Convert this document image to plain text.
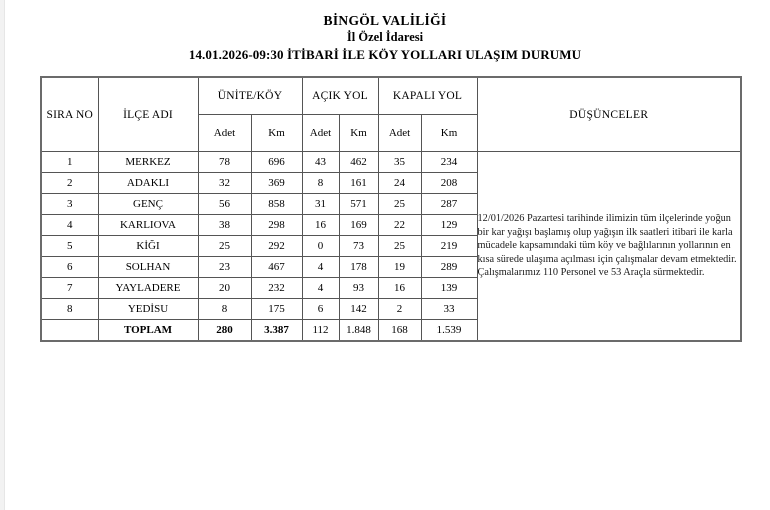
BİNGÖL VALİLİĞİ
İl Özel İdaresi
14.01.2026-09:30 İTİBARİ İLE KÖY YOLLARI ULAŞIM DURUMU
SIRA NO	İLÇE ADI	ÜNİTE/KÖY		AÇIK YOL		KAPALI YOL		DÜŞÜNCELER
		Adet	Km	Adet	Km	Adet	Km	
1	MERKEZ	78	696	43	462	35	234	12/01/2026 Pazartesi tarihinde ilimizin tüm ilçelerinde yoğun

bir kar yağışı başlamış olup yağışın ilk saatleri itibari ile karla

mücadele kapsamındaki tüm köy ve bağlılarının yollarının en

kısa sürede ulaşıma açılması için çalışmalar devam etmektedir.

Çalışmalarımız 110 Personel ve 53 Araçla sürmektedir.

2	ADAKLI	32	369	8	161	24	208	
3	GENÇ	56	858	31	571	25	287	
4	KARLIOVA	38	298	16	169	22	129	
5	KİĞI	25	292	0	73	25	219	
6	SOLHAN	23	467	4	178	19	289	
7	YAYLADERE	20	232	4	93	16	139	
8	YEDİSU	8	175	6	142	2	33	
	TOPLAM	280	3.387	112	1.848	168	1.539	
